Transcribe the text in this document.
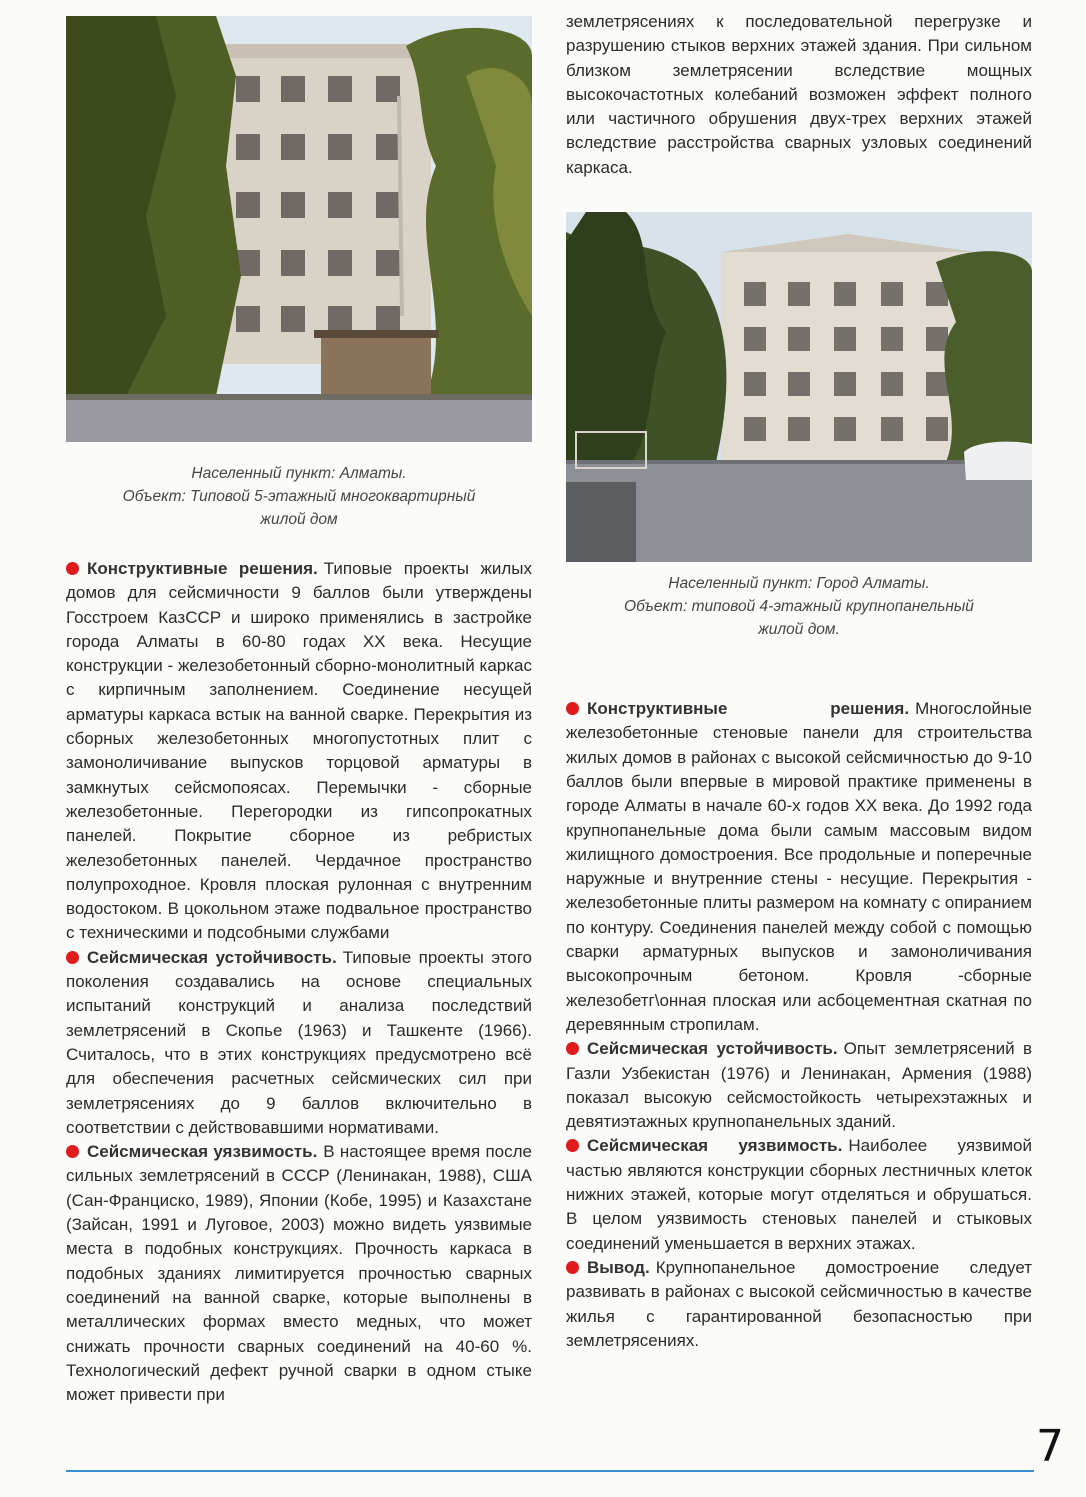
Населенный пункт: Алматы.
Объект: Типовой 5-этажный многоквартирный
жилой дом

Конструктивные решения. Типовые проекты жилых домов для сейсмичности 9 баллов были утверждены Госстроем КазССР и широко применялись в застройке города Алматы в 60-80 годах XX века. Несущие конструкции - железобетонный сборно-монолитный каркас с кирпичным заполнением. Соединение несущей арматуры каркаса встык на ванной сварке. Перекрытия из сборных железобетонных многопустотных плит с замоноличивание выпусков торцовой арматуры в замкнутых сейсмопоясах. Перемычки - сборные железобетонные. Перегородки из гипсопрокатных панелей. Покрытие сборное из ребристых железобетонных панелей. Чердачное пространство полупроходное. Кровля плоская рулонная с внутренним водостоком. В цокольном этаже подвальное пространство с техническими и подсобными службами

Сейсмическая устойчивость. Типовые проекты этого поколения создавались на основе специальных испытаний конструкций и анализа последствий землетрясений в Скопье (1963) и Ташкенте (1966). Считалось, что в этих конструкциях предусмотрено всё для обеспечения расчетных сейсмических сил при землетрясениях до 9 баллов включительно в соответствии с действовавшими нормативами.

Сейсмическая уязвимость. В настоящее время после сильных землетрясений в СССР (Ленинакан, 1988), США (Сан-Франциско, 1989), Японии (Кобе, 1995) и Казахстане (Зайсан, 1991 и Луговое, 2003) можно видеть уязвимые места в подобных конструкциях. Прочность каркаса в подобных зданиях лимитируется прочностью сварных соединений на ванной сварке, которые выполнены в металлических формах вместо медных, что может снижать прочности сварных соединений на 40-60 %. Технологический дефект ручной сварки в одном стыке может привести при

землетрясениях к последовательной перегрузке и разрушению стыков верхних этажей здания. При сильном близком землетрясении вследствие мощных высокочастотных колебаний возможен эффект полного или частичного обрушения двух-трех верхних этажей вследствие расстройства сварных узловых соединений каркаса.

Населенный пункт: Город Алматы.
Объект: типовой 4-этажный крупнопанельный
жилой дом.

Конструктивные решения. Многослойные железобетонные стеновые панели для строительства жилых домов в районах с высокой сейсмичностью до 9-10 баллов были впервые в мировой практике применены в городе Алматы в начале 60-х годов XX века. До 1992 года крупнопанельные дома были самым массовым видом жилищного домостроения. Все продольные и поперечные наружные и внутренние стены - несущие. Перекрытия - железобетонные плиты размером на комнату с опиранием по контуру. Соединения панелей между собой с помощью сварки арматурных выпусков и замоноличивания высокопрочным бетоном. Кровля -сборные железобетг\онная плоская или асбоцементная скатная по деревянным стропилам.

Сейсмическая устойчивость. Опыт землетрясений в Газли Узбекистан (1976) и Ленинакан, Армения (1988) показал высокую сейсмостойкость четырехэтажных и девятиэтажных крупнопанельных зданий.

Сейсмическая уязвимость. Наиболее уязвимой частью являются конструкции сборных лестничных клеток нижних этажей, которые могут отделяться и обрушаться. В целом уязвимость стеновых панелей и стыковых соединений уменьшается в верхних этажах.

Вывод. Крупнопанельное домостроение следует развивать в районах с высокой сейсмичностью в качестве жилья с гарантированной безопасностью при землетрясениях.

7
